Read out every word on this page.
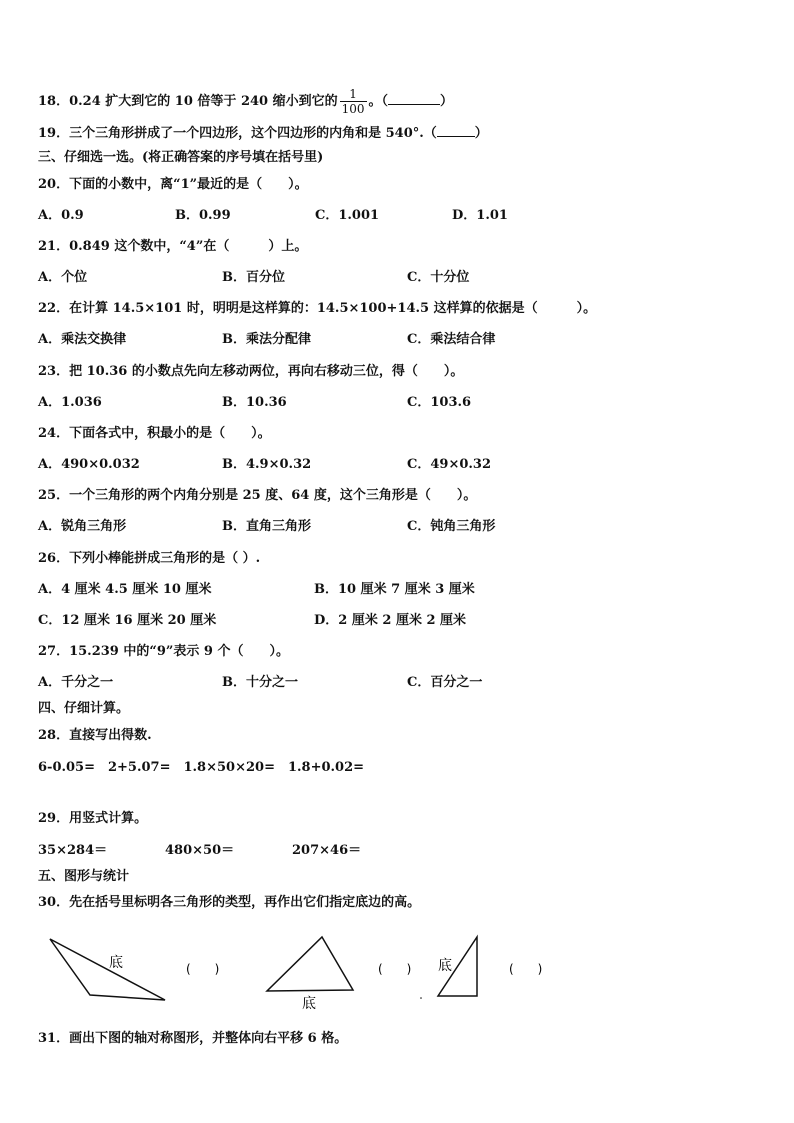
18．0.24 扩大到它的 10 倍等于 240 缩小到它的 $\frac{1}{100}$ 。（	）
19．三个三角形拼成了一个四边形，这个四边形的内角和是 540°.（	）
三、仔细选一选。(将正确答案的序号填在括号里)
20．下面的小数中，离“1”最近的是（　　）。
A．0.9	B．0.99	C．1.001	D．1.01
21．0.849 这个数中，“4”在（　　　）上。
A．个位	B．百分位	C．十分位
22．在计算 14.5×101 时，明明是这样算的：14.5×100+14.5 这样算的依据是（　　　）。
A．乘法交换律	B．乘法分配律	C．乘法结合律
23．把 10.36 的小数点先向左移动两位，再向右移动三位，得（　　）。
A．1.036	B．10.36	C．103.6
24．下面各式中，积最小的是（　　）。
A．490×0.032	B．4.9×0.32	C．49×0.32
25．一个三角形的两个内角分别是 25 度、64 度，这个三角形是（　　）。
A．锐角三角形	B．直角三角形	C．钝角三角形
26．下列小棒能拼成三角形的是（ ）.
A．4 厘米 4.5 厘米 10 厘米	B．10 厘米 7 厘米 3 厘米
C．12 厘米 16 厘米 20 厘米	D．2 厘米 2 厘米 2 厘米
27．15.239 中的“9”表示 9 个（　　）。
A．千分之一	B．十分之一	C．百分之一
四、仔细计算。
28．直接写出得数.
6-0.05=　2+5.07=　1.8×50×20=　1.8+0.02=
29．用竖式计算。
35×284＝	480×50＝	207×46＝
五、图形与统计
30．先在括号里标明各三角形的类型，再作出它们指定底边的高。
底	(　　)
底
(　　) 底	(　　)
31．画出下图的轴对称图形，并整体向右平移 6 格。
